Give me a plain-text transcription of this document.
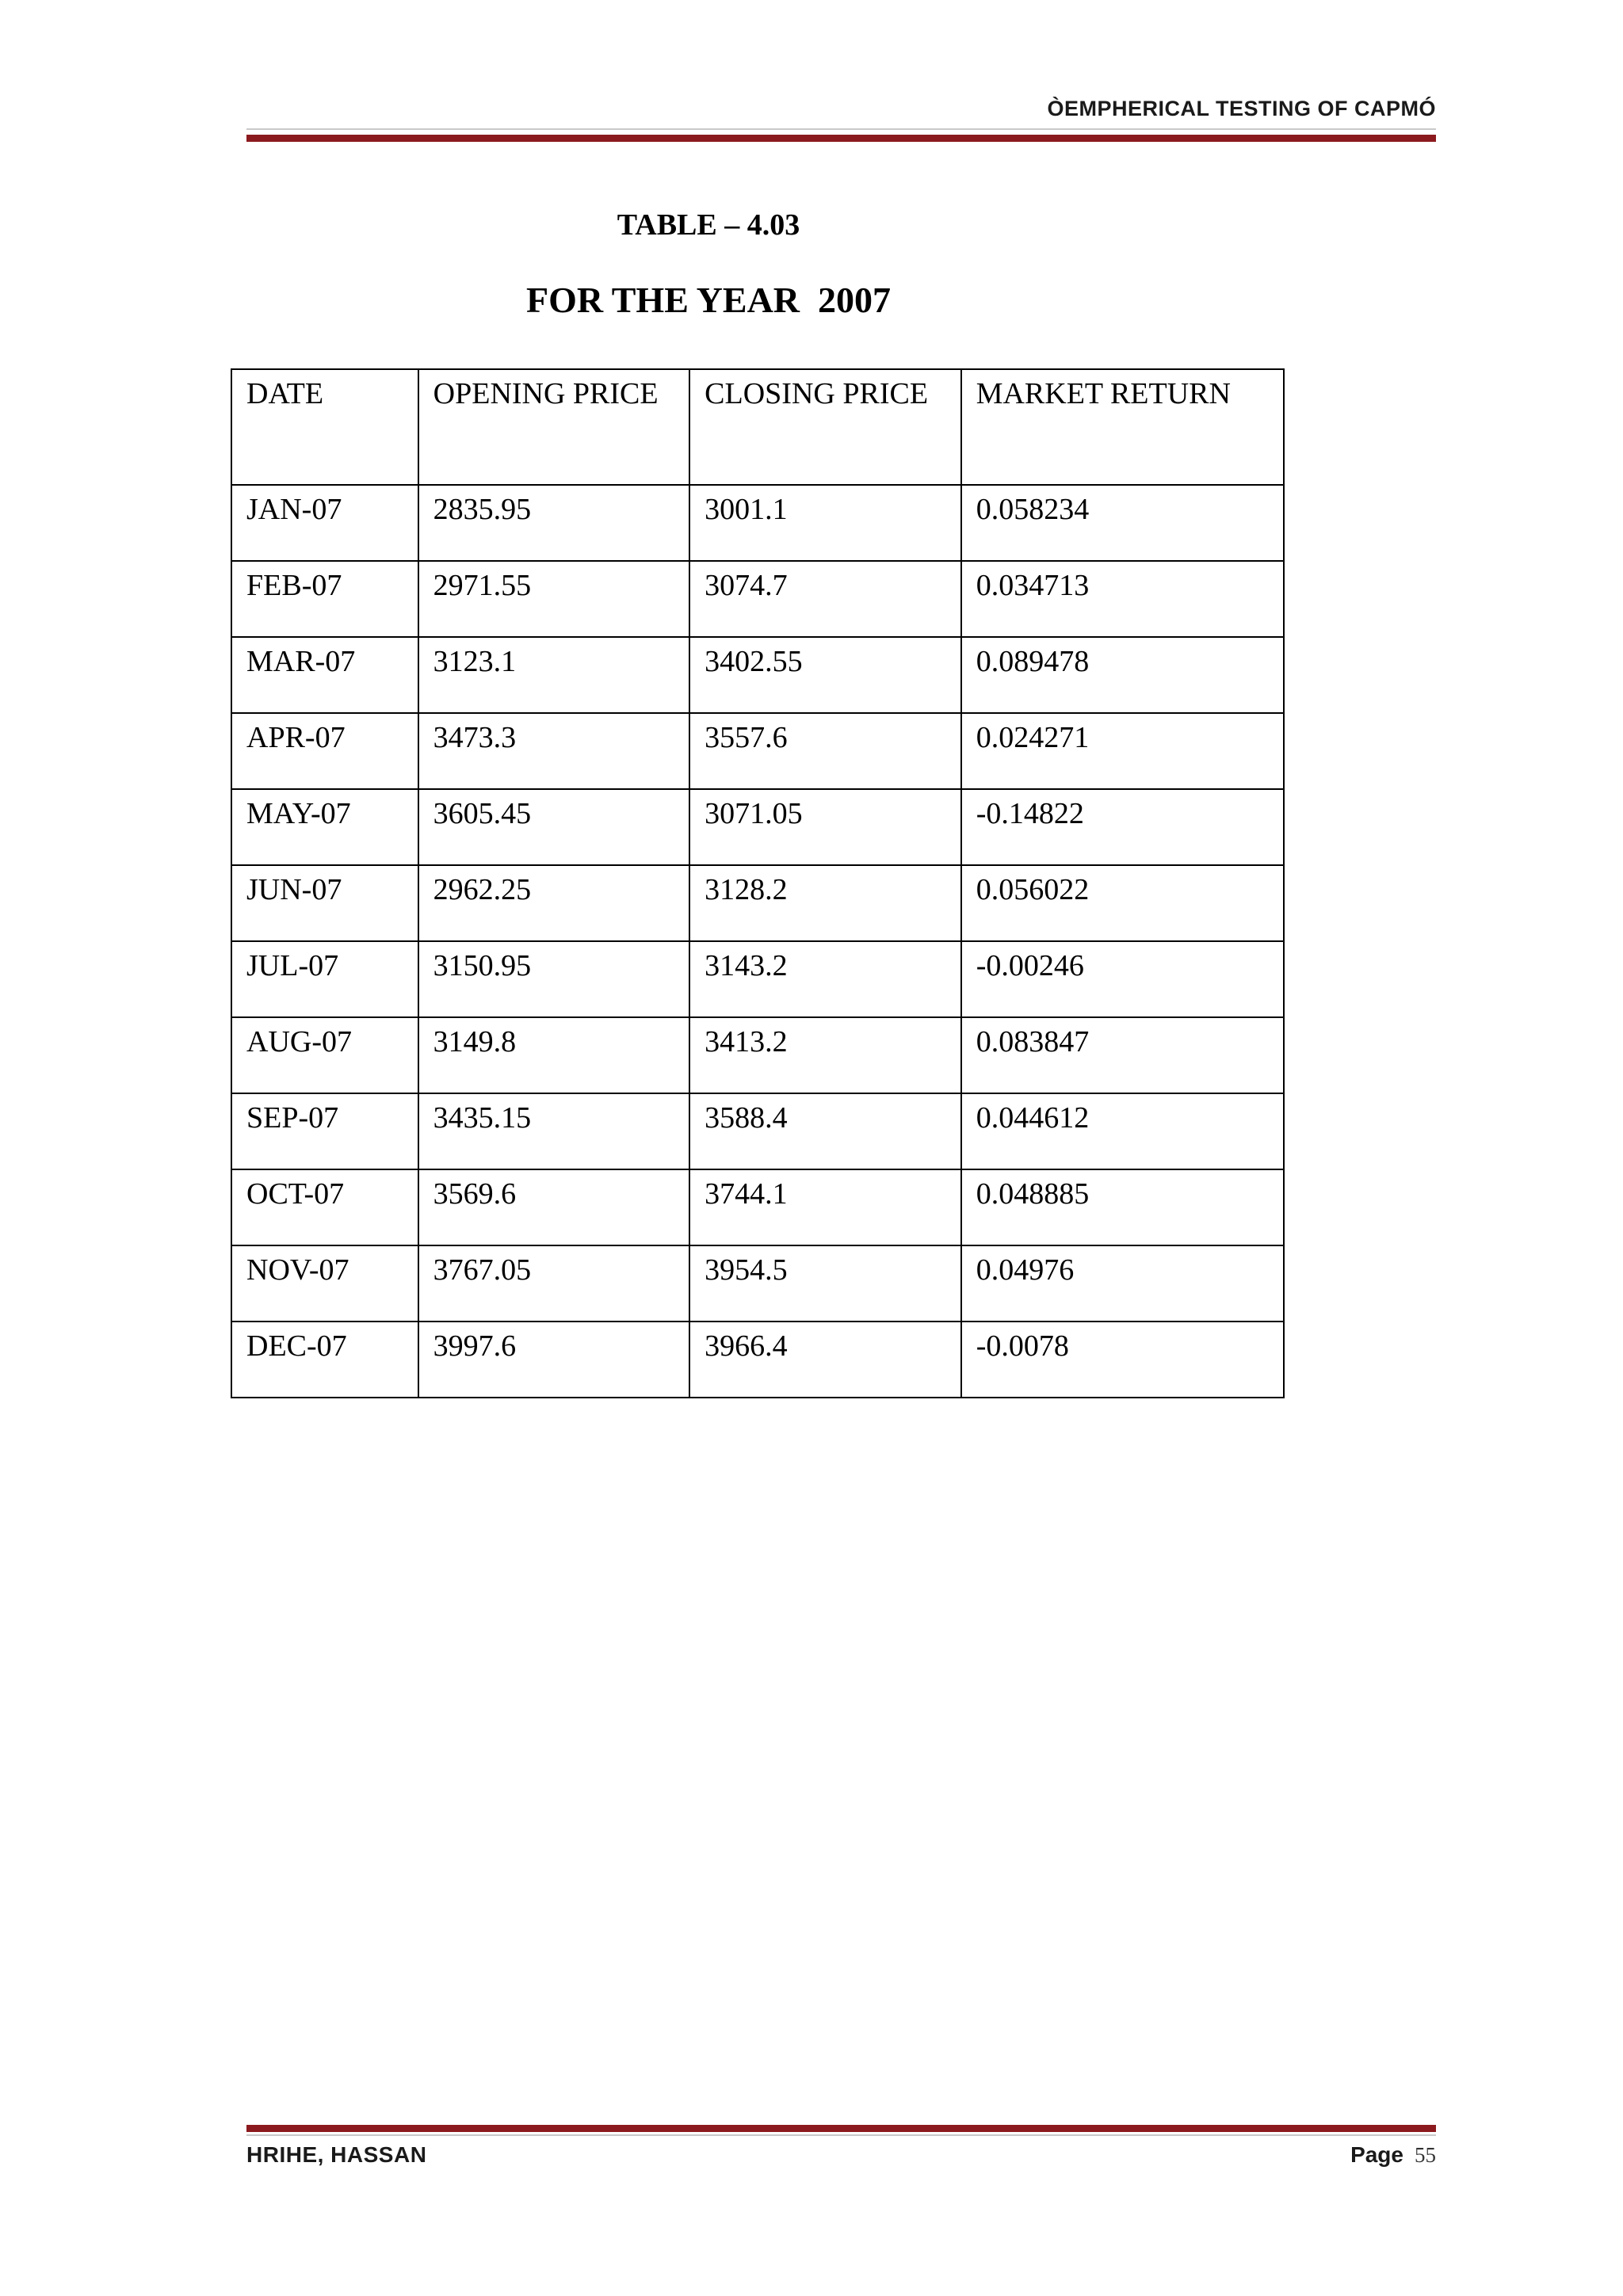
ÒEMPHERICAL TESTING OF CAPMÓ
TABLE – 4.03
FOR THE YEAR  2007
DATE	OPENING PRICE	CLOSING PRICE	MARKET RETURN
JAN-07	2835.95	3001.1	0.058234
FEB-07	2971.55	3074.7	0.034713
MAR-07	3123.1	3402.55	0.089478
APR-07	3473.3	3557.6	0.024271
MAY-07	3605.45	3071.05	-0.14822
JUN-07	2962.25	3128.2	0.056022
JUL-07	3150.95	3143.2	-0.00246
AUG-07	3149.8	3413.2	0.083847
SEP-07	3435.15	3588.4	0.044612
OCT-07	3569.6	3744.1	0.048885
NOV-07	3767.05	3954.5	0.04976
DEC-07	3997.6	3966.4	-0.0078
HRIHE, HASSAN	Page 55
